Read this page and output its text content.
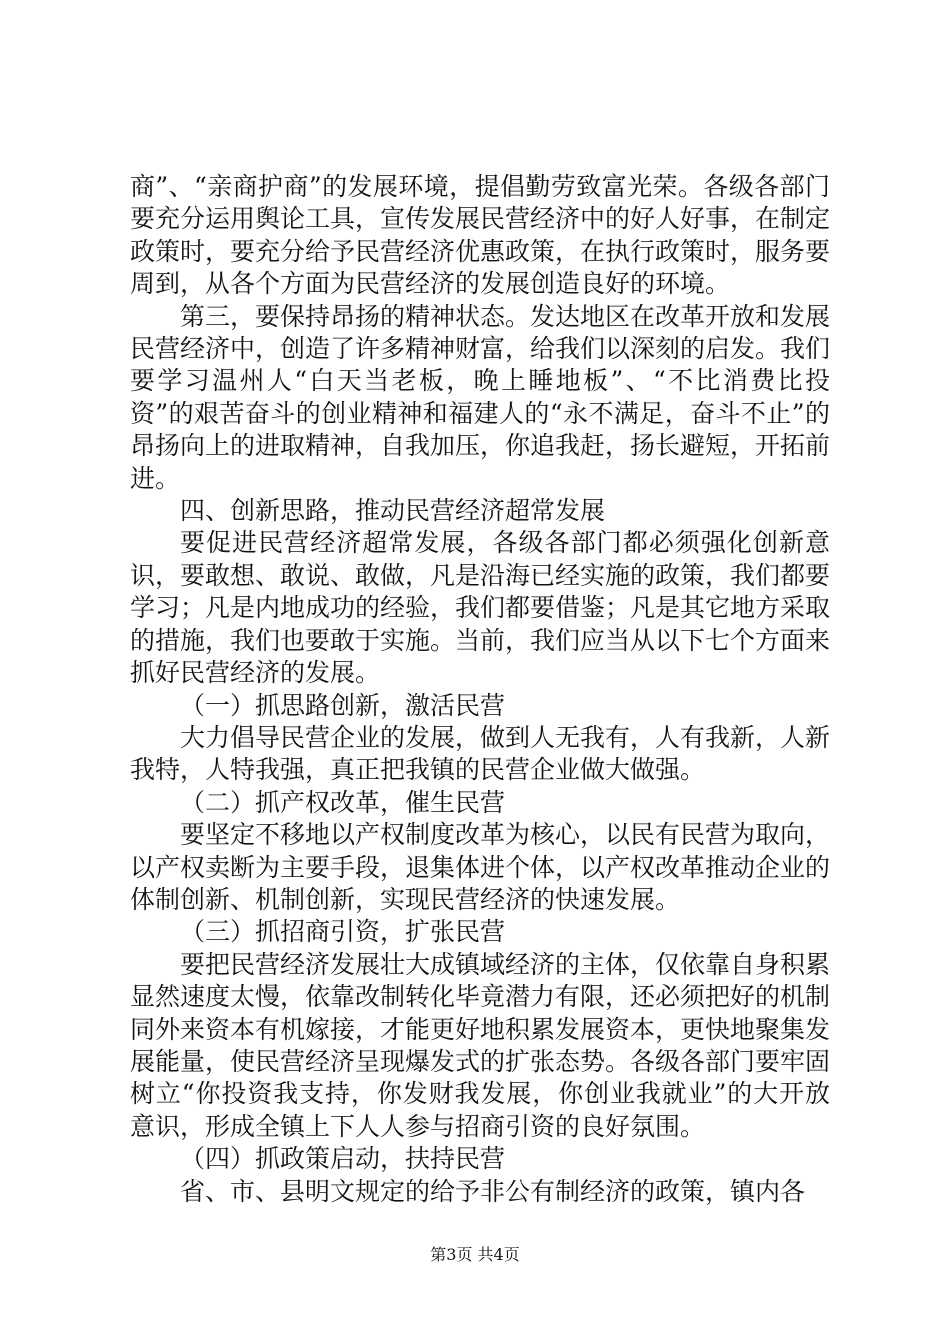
商”、“亲商护商”的发展环境，提倡勤劳致富光荣。各级各部门要充分运用舆论工具，宣传发展民营经济中的好人好事，在制定政策时，要充分给予民营经济优惠政策，在执行政策时，服务要周到，从各个方面为民营经济的发展创造良好的环境。

第三，要保持昂扬的精神状态。发达地区在改革开放和发展民营经济中，创造了许多精神财富，给我们以深刻的启发。我们要学习温州人“白天当老板，晚上睡地板”、“不比消费比投资”的艰苦奋斗的创业精神和福建人的“永不满足，奋斗不止”的昂扬向上的进取精神，自我加压，你追我赶，扬长避短，开拓前进。

四、创新思路，推动民营经济超常发展

要促进民营经济超常发展，各级各部门都必须强化创新意识，要敢想、敢说、敢做，凡是沿海已经实施的政策，我们都要学习；凡是内地成功的经验，我们都要借鉴；凡是其它地方采取的措施，我们也要敢于实施。当前，我们应当从以下七个方面来抓好民营经济的发展。

（一）抓思路创新，激活民营

大力倡导民营企业的发展，做到人无我有，人有我新，人新我特，人特我强，真正把我镇的民营企业做大做强。

（二）抓产权改革，催生民营

要坚定不移地以产权制度改革为核心，以民有民营为取向，以产权卖断为主要手段，退集体进个体，以产权改革推动企业的体制创新、机制创新，实现民营经济的快速发展。

（三）抓招商引资，扩张民营

要把民营经济发展壮大成镇域经济的主体，仅依靠自身积累显然速度太慢，依靠改制转化毕竟潜力有限，还必须把好的机制同外来资本有机嫁接，才能更好地积累发展资本，更快地聚集发展能量，使民营经济呈现爆发式的扩张态势。各级各部门要牢固树立“你投资我支持，你发财我发展，你创业我就业”的大开放意识，形成全镇上下人人参与招商引资的良好氛围。

（四）抓政策启动，扶持民营

省、市、县明文规定的给予非公有制经济的政策，镇内各

第3页 共4页
